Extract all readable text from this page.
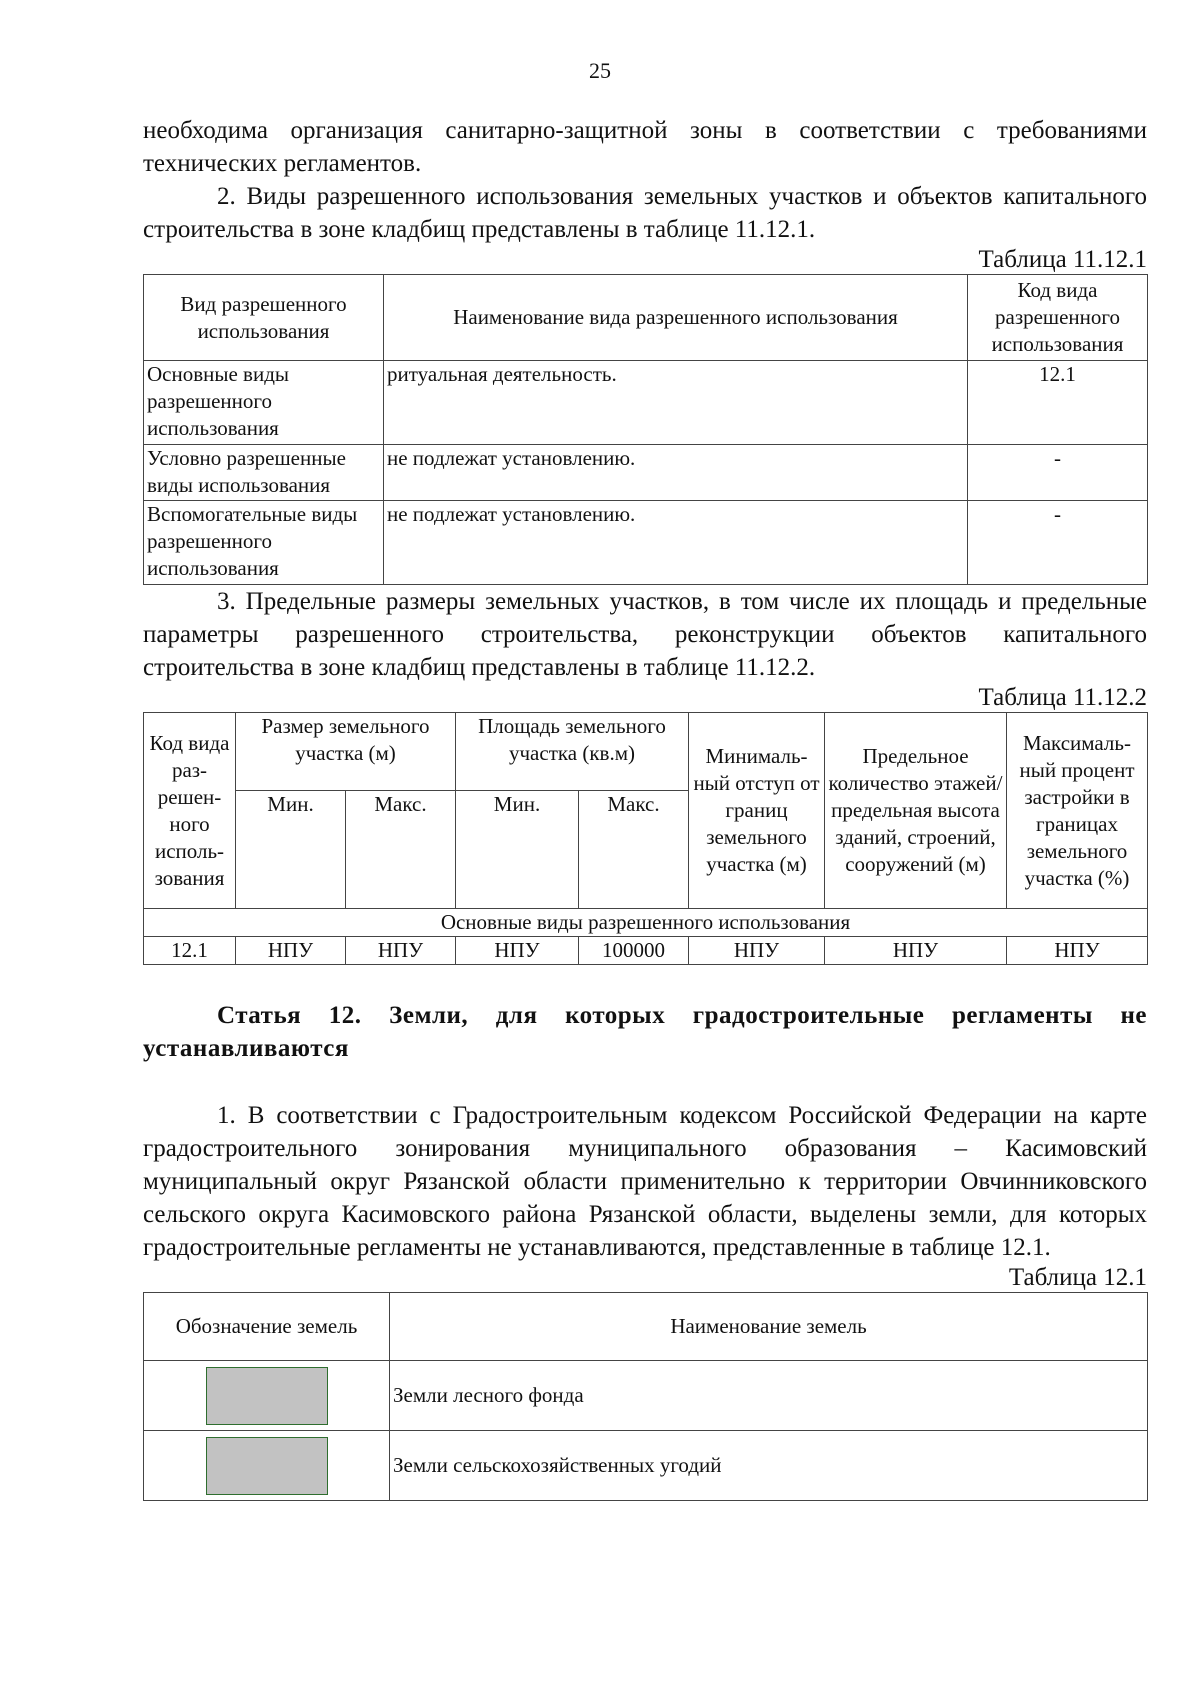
25

необходима организация санитарно-защитной зоны в соответствии с требованиями технических регламентов.

2. Виды разрешенного использования земельных участков и объектов капитального строительства в зоне кладбищ представлены в таблице 11.12.1.

Таблица 11.12.1
Вид разрешенного использования	Наименование вида разрешенного использования	Код вида разрешенного использования
Основные виды разрешенного использования	ритуальная деятельность.	12.1
Условно разрешенные виды использования	не подлежат установлению.	-
Вспомогательные виды разрешенного использования	не подлежат установлению.	-

3. Предельные размеры земельных участков, в том числе их площадь и предельные параметры разрешенного строительства, реконструкции объектов капитального строительства в зоне кладбищ представлены в таблице 11.12.2.

Таблица 11.12.2
Код вида раз- решен- ного исполь- зования	Размер земельного участка (м)		Площадь земельного участка (кв.м)		Минималь- ный отступ от границ земельного участка (м)	Предельное количество этажей/ предельная высота зданий, строений, сооружений (м)	Максималь- ный процент застройки в границах земельного участка (%)
	Мин.	Макс.	Мин.	Макс.			
Основные виды разрешенного использования							
12.1	НПУ	НПУ	НПУ	100000	НПУ	НПУ	НПУ
Статья 12. Земли, для которых градостроительные регламенты не устанавливаются

1. В соответствии с Градостроительным кодексом Российской Федерации на карте градостроительного зонирования муниципального образования – Касимовский муниципальный округ Рязанской области применительно к территории Овчинниковского сельского округа Касимовского района Рязанской области, выделены земли, для которых градостроительные регламенты не устанавливаются, представленные в таблице 12.1.

Таблица 12.1
Обозначение земель	Наименование земель

	Земли лесного фонда

	Земли сельскохозяйственных угодий
